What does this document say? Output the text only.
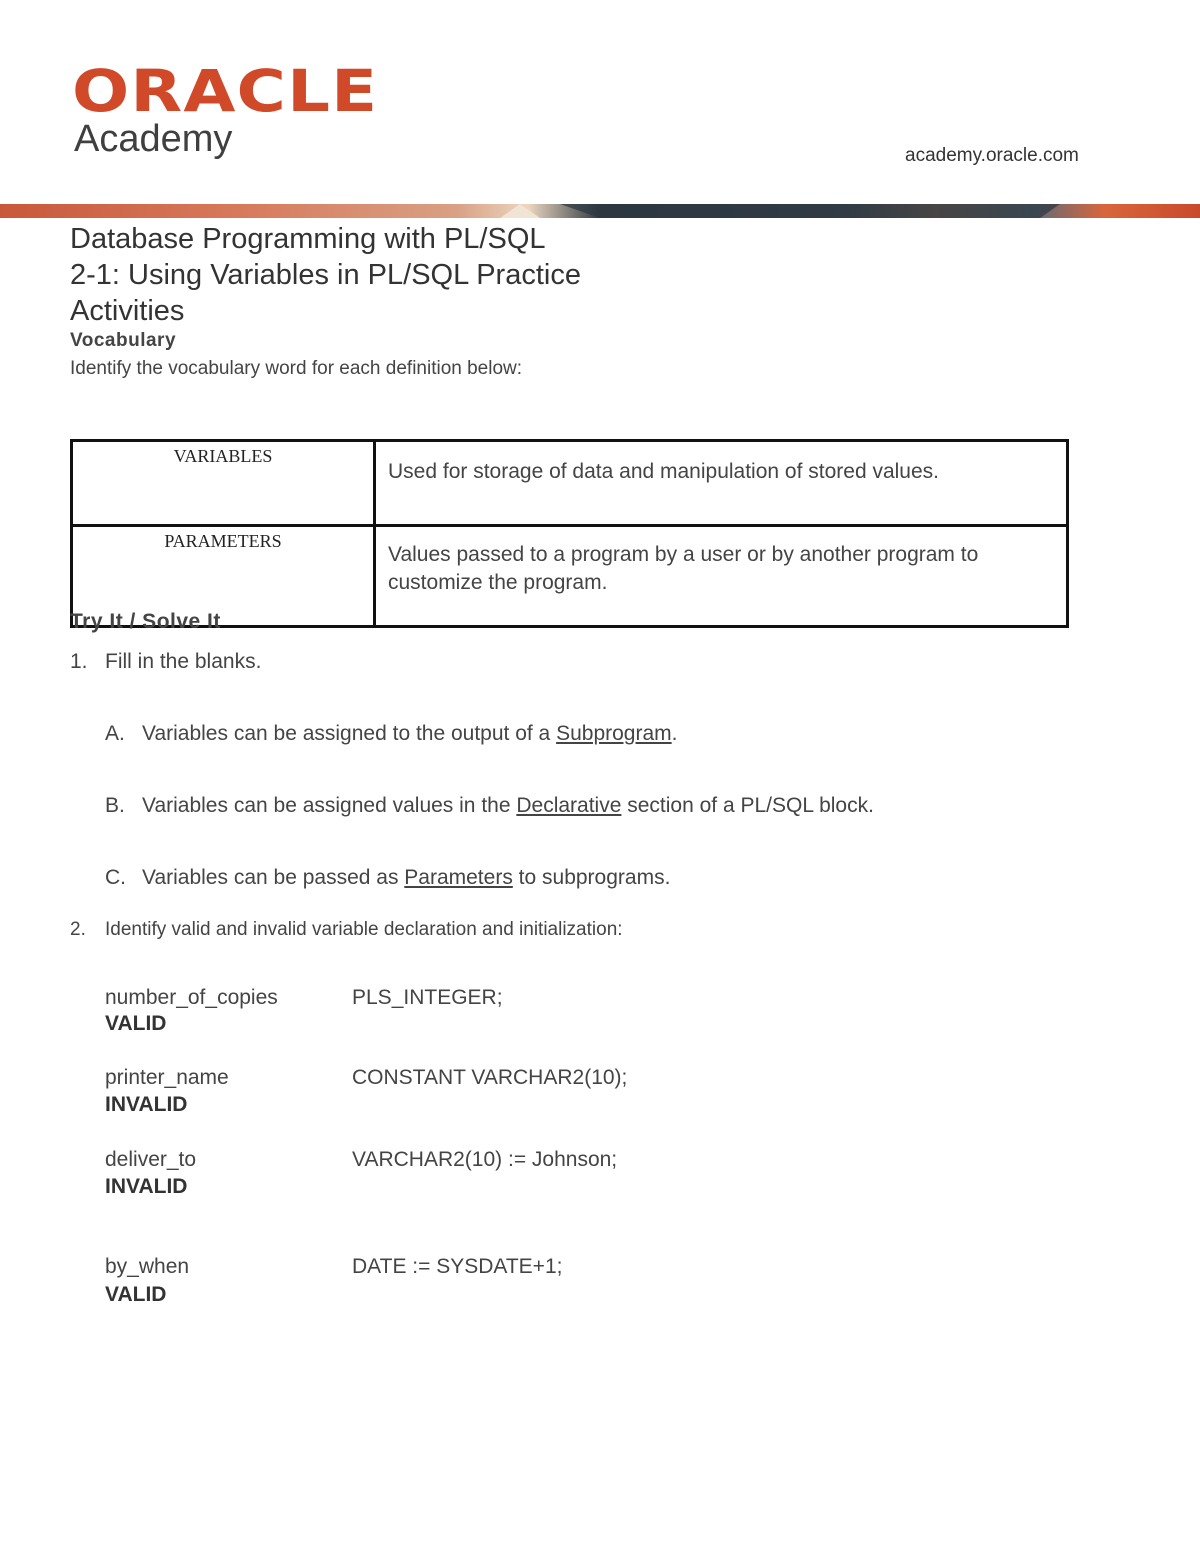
ORACLE
Academy	academy.oracle.com
Database Programming with PL/SQL
2-1: Using Variables in PL/SQL Practice
Activities
Vocabulary
Identify the vocabulary word for each definition below:
VARIABLES	Used for storage of data and manipulation of stored values.
PARAMETERS	Values passed to a program by a user or by another program to customize the program.
Try It / Solve It
1. Fill in the blanks.
A. Variables can be assigned to the output of a Subprogram.
B. Variables can be assigned values in the Declarative section of a PL/SQL block.
C. Variables can be passed as Parameters to subprograms.
2. Identify valid and invalid variable declaration and initialization:
number_of_copies	PLS_INTEGER;
VALID
printer_name	CONSTANT VARCHAR2(10);
INVALID
deliver_to	VARCHAR2(10) := Johnson;
INVALID
by_when	DATE := SYSDATE+1;
VALID
